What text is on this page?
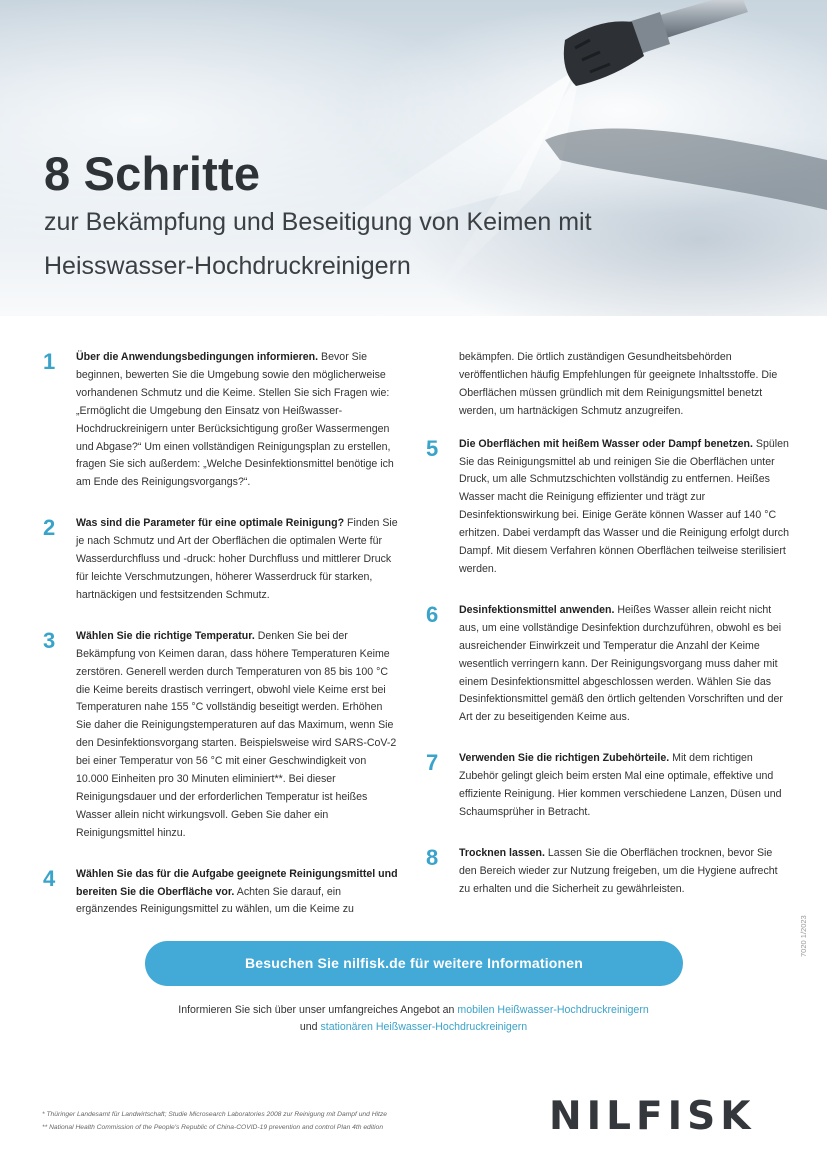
8 Schritte
zur Bekämpfung und Beseitigung von Keimen mit
Heisswasser-Hochdruckreinigern
1 Über die Anwendungsbedingungen informieren. Bevor Sie beginnen, bewerten Sie die Umgebung sowie den möglicherweise vorhandenen Schmutz und die Keime. Stellen Sie sich Fragen wie: „Ermöglicht die Umgebung den Einsatz von Heißwasser-Hochdruckreinigern unter Berücksichtigung großer Wassermengen und Abgase?“ Um einen vollständigen Reinigungsplan zu erstellen, fragen Sie sich außerdem: „Welche Desinfektionsmittel benötige ich am Ende des Reinigungsvorgangs?“.
2 Was sind die Parameter für eine optimale Reinigung? Finden Sie je nach Schmutz und Art der Oberflächen die optimalen Werte für Wasserdurchfluss und -druck: hoher Durchfluss und mittlerer Druck für leichte Verschmutzungen, höherer Wasserdruck für starken, hartnäckigen und festsitzenden Schmutz.
3 Wählen Sie die richtige Temperatur. Denken Sie bei der Bekämpfung von Keimen daran, dass höhere Temperaturen Keime zerstören. Generell werden durch Temperaturen von 85 bis 100 °C die Keime bereits drastisch verringert, obwohl viele Keime erst bei Temperaturen nahe 155 °C vollständig beseitigt werden. Erhöhen Sie daher die Reinigungstemperaturen auf das Maximum, wenn Sie den Desinfektionsvorgang starten. Beispielsweise wird SARS-CoV-2 bei einer Temperatur von 56 °C mit einer Geschwindigkeit von 10.000 Einheiten pro 30 Minuten eliminiert**. Bei dieser Reinigungsdauer und der erforderlichen Temperatur ist heißes Wasser allein nicht wirkungsvoll. Geben Sie daher ein Reinigungsmittel hinzu.
4 Wählen Sie das für die Aufgabe geeignete Reinigungsmittel und bereiten Sie die Oberfläche vor. Achten Sie darauf, ein ergänzendes Reinigungsmittel zu wählen, um die Keime zu
bekämpfen. Die örtlich zuständigen Gesundheitsbehörden veröffentlichen häufig Empfehlungen für geeignete Inhaltsstoffe. Die Oberflächen müssen gründlich mit dem Reinigungsmittel benetzt werden, um hartnäckigen Schmutz anzugreifen.
5 Die Oberflächen mit heißem Wasser oder Dampf benetzen. Spülen Sie das Reinigungsmittel ab und reinigen Sie die Oberflächen unter Druck, um alle Schmutzschichten vollständig zu entfernen. Heißes Wasser macht die Reinigung effizienter und trägt zur Desinfektionswirkung bei. Einige Geräte können Wasser auf 140 °C erhitzen. Dabei verdampft das Wasser und die Reinigung erfolgt durch Dampf. Mit diesem Verfahren können Oberflächen teilweise sterilisiert werden.
6 Desinfektionsmittel anwenden. Heißes Wasser allein reicht nicht aus, um eine vollständige Desinfektion durchzuführen, obwohl es bei ausreichender Einwirkzeit und Temperatur die Anzahl der Keime wesentlich verringern kann. Der Reinigungsvorgang muss daher mit einem Desinfektionsmittel abgeschlossen werden. Wählen Sie das Desinfektionsmittel gemäß den örtlich geltenden Vorschriften und der Art der zu beseitigenden Keime aus.
7 Verwenden Sie die richtigen Zubehörteile. Mit dem richtigen Zubehör gelingt gleich beim ersten Mal eine optimale, effektive und effiziente Reinigung. Hier kommen verschiedene Lanzen, Düsen und Schaumsprüher in Betracht.
8 Trocknen lassen. Lassen Sie die Oberflächen trocknen, bevor Sie den Bereich wieder zur Nutzung freigeben, um die Hygiene aufrecht zu erhalten und die Sicherheit zu gewährleisten.
Besuchen Sie nilfisk.de für weitere Informationen
Informieren Sie sich über unser umfangreiches Angebot an mobilen Heißwasser-Hochdruckreinigern
und stationären Heißwasser-Hochdruckreinigern
7020 1/2023
* Thüringer Landesamt für Landwirtschaft; Studie Microsearch Laboratories 2008 zur Reinigung mit Dampf und Hitze
** National Health Commission of the People's Republic of China-COVID-19 prevention and control Plan 4th edition	NILFISK
